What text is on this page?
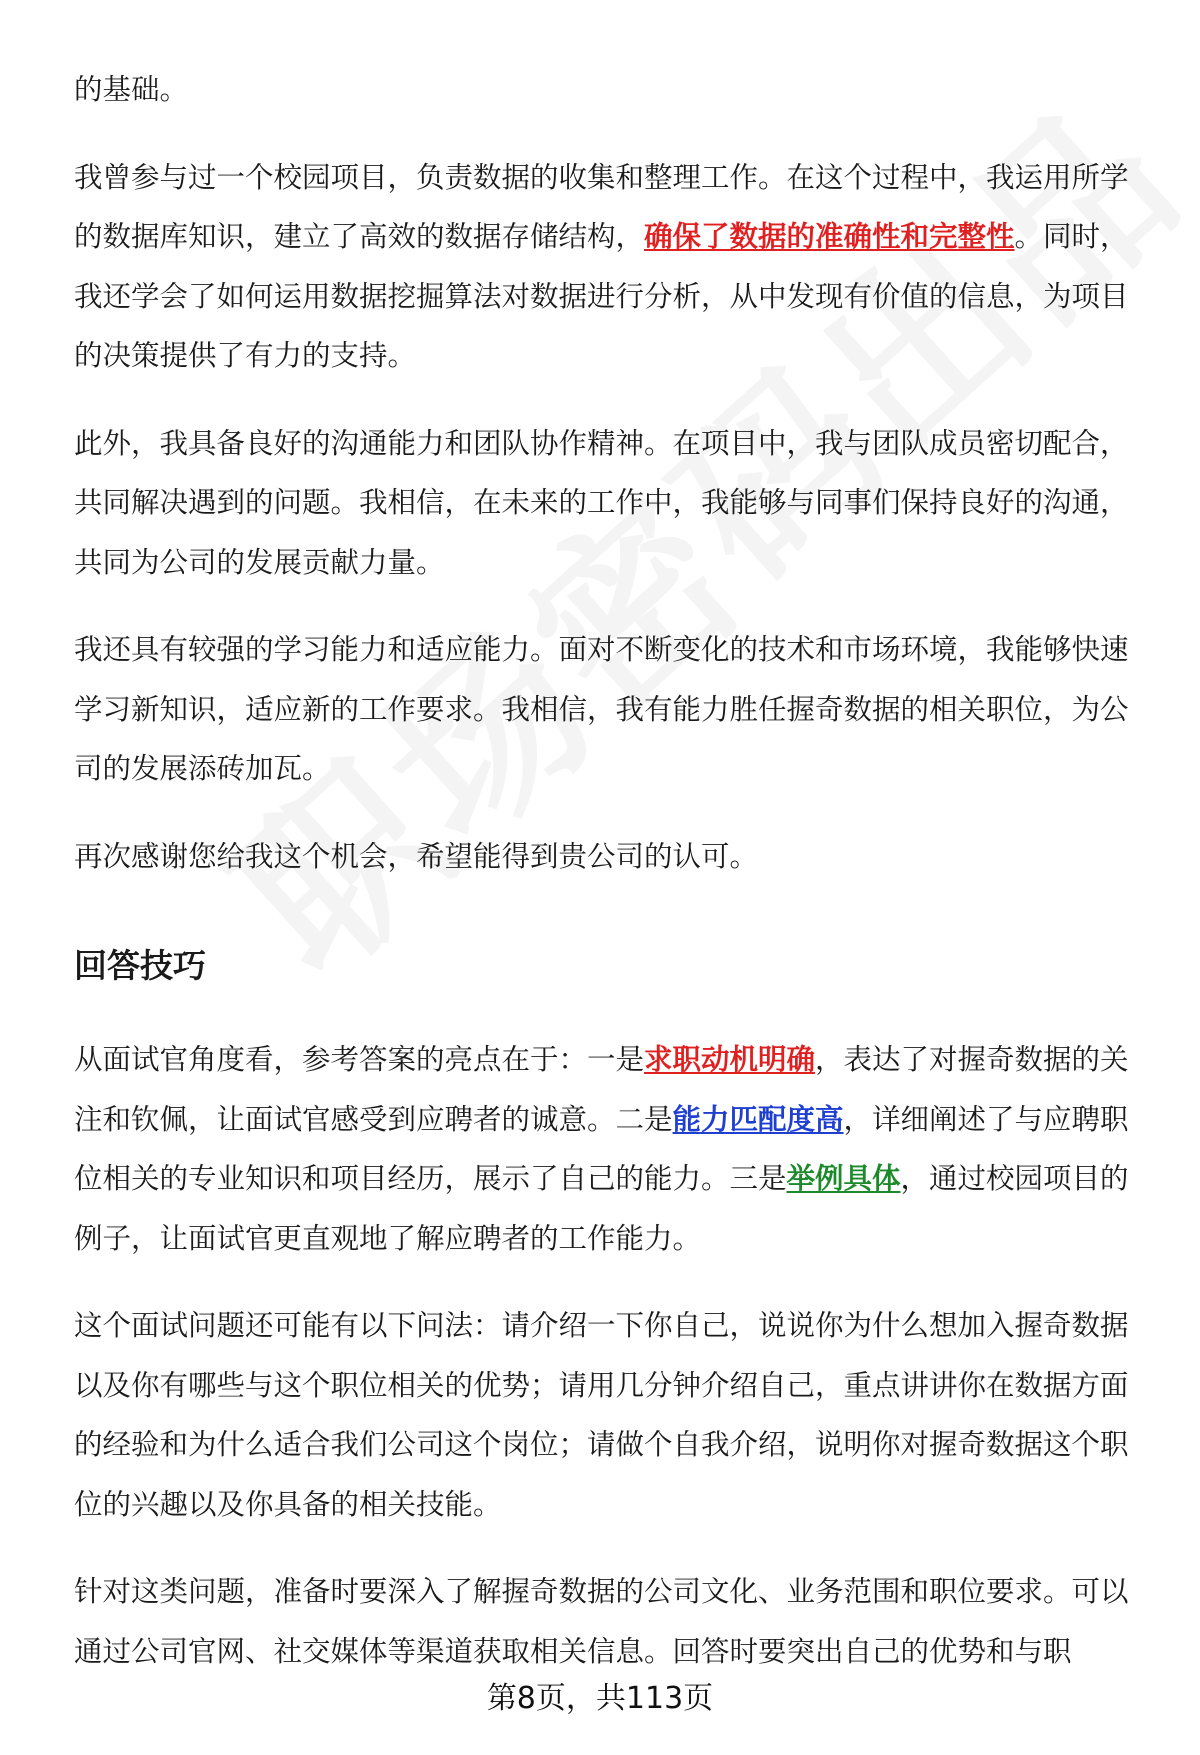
的基础。

我曾参与过一个校园项目，负责数据的收集和整理工作。在这个过程中，我运用所学的数据库知识，建立了高效的数据存储结构，确保了数据的准确性和完整性。同时，我还学会了如何运用数据挖掘算法对数据进行分析，从中发现有价值的信息，为项目的决策提供了有力的支持。

此外，我具备良好的沟通能力和团队协作精神。在项目中，我与团队成员密切配合，共同解决遇到的问题。我相信，在未来的工作中，我能够与同事们保持良好的沟通，共同为公司的发展贡献力量。

我还具有较强的学习能力和适应能力。面对不断变化的技术和市场环境，我能够快速学习新知识，适应新的工作要求。我相信，我有能力胜任握奇数据的相关职位，为公司的发展添砖加瓦。

再次感谢您给我这个机会，希望能得到贵公司的认可。

回答技巧

从面试官角度看，参考答案的亮点在于：一是求职动机明确，表达了对握奇数据的关注和钦佩，让面试官感受到应聘者的诚意。二是能力匹配度高，详细阐述了与应聘职位相关的专业知识和项目经历，展示了自己的能力。三是举例具体，通过校园项目的例子，让面试官更直观地了解应聘者的工作能力。

这个面试问题还可能有以下问法：请介绍一下你自己，说说你为什么想加入握奇数据以及你有哪些与这个职位相关的优势；请用几分钟介绍自己，重点讲讲你在数据方面的经验和为什么适合我们公司这个岗位；请做个自我介绍，说明你对握奇数据这个职位的兴趣以及你具备的相关技能。

针对这类问题，准备时要深入了解握奇数据的公司文化、业务范围和职位要求。可以通过公司官网、社交媒体等渠道获取相关信息。回答时要突出自己的优势和与职

第8页，共113页
